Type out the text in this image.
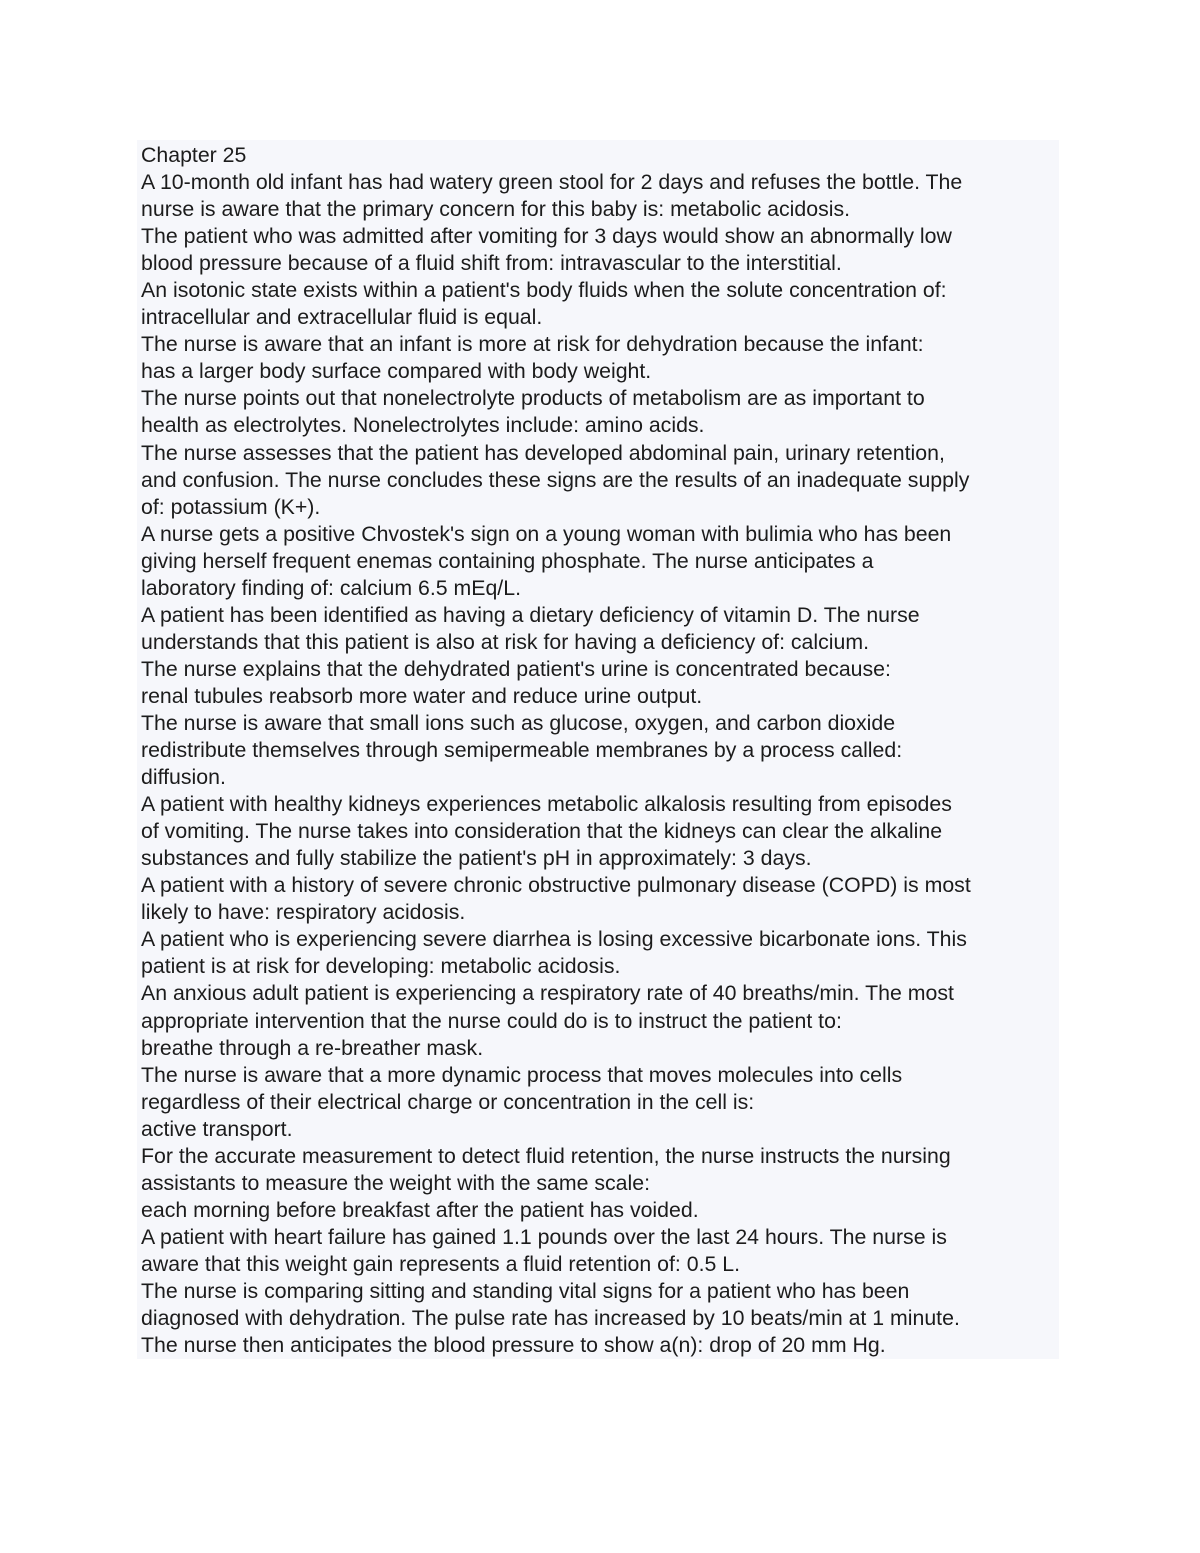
Chapter 25
A 10-month old infant has had watery green stool for 2 days and refuses the bottle. The
nurse is aware that the primary concern for this baby is: metabolic acidosis.
The patient who was admitted after vomiting for 3 days would show an abnormally low
blood pressure because of a fluid shift from: intravascular to the interstitial.
An isotonic state exists within a patient's body fluids when the solute concentration of:
intracellular and extracellular fluid is equal.
The nurse is aware that an infant is more at risk for dehydration because the infant:
has a larger body surface compared with body weight.
The nurse points out that nonelectrolyte products of metabolism are as important to
health as electrolytes. Nonelectrolytes include: amino acids.
The nurse assesses that the patient has developed abdominal pain, urinary retention,
and confusion. The nurse concludes these signs are the results of an inadequate supply
of: potassium (K+).
A nurse gets a positive Chvostek's sign on a young woman with bulimia who has been
giving herself frequent enemas containing phosphate. The nurse anticipates a
laboratory finding of: calcium 6.5 mEq/L.
A patient has been identified as having a dietary deficiency of vitamin D. The nurse
understands that this patient is also at risk for having a deficiency of: calcium.
The nurse explains that the dehydrated patient's urine is concentrated because:
renal tubules reabsorb more water and reduce urine output.
The nurse is aware that small ions such as glucose, oxygen, and carbon dioxide
redistribute themselves through semipermeable membranes by a process called:
diffusion.
A patient with healthy kidneys experiences metabolic alkalosis resulting from episodes
of vomiting. The nurse takes into consideration that the kidneys can clear the alkaline
substances and fully stabilize the patient's pH in approximately: 3 days.
A patient with a history of severe chronic obstructive pulmonary disease (COPD) is most
likely to have: respiratory acidosis.
A patient who is experiencing severe diarrhea is losing excessive bicarbonate ions. This
patient is at risk for developing: metabolic acidosis.
An anxious adult patient is experiencing a respiratory rate of 40 breaths/min. The most
appropriate intervention that the nurse could do is to instruct the patient to:
breathe through a re-breather mask.
The nurse is aware that a more dynamic process that moves molecules into cells
regardless of their electrical charge or concentration in the cell is:
active transport.
For the accurate measurement to detect fluid retention, the nurse instructs the nursing
assistants to measure the weight with the same scale:
each morning before breakfast after the patient has voided.
A patient with heart failure has gained 1.1 pounds over the last 24 hours. The nurse is
aware that this weight gain represents a fluid retention of: 0.5 L.
The nurse is comparing sitting and standing vital signs for a patient who has been
diagnosed with dehydration. The pulse rate has increased by 10 beats/min at 1 minute.
The nurse then anticipates the blood pressure to show a(n): drop of 20 mm Hg.
